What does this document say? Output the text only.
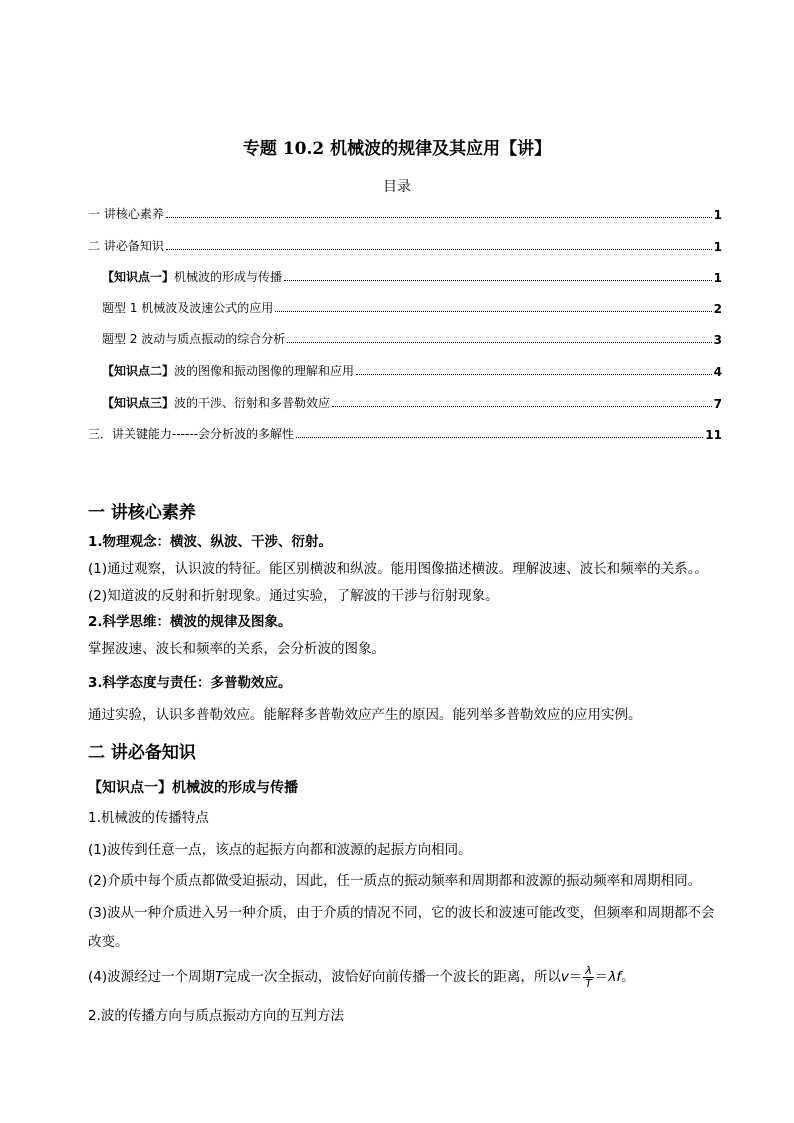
专题 10.2 机械波的规律及其应用【讲】
目录
一 讲核心素养	1
二 讲必备知识	1
【知识点一】机械波的形成与传播	1
题型 1 机械波及波速公式的应用	2
题型 2 波动与质点振动的综合分析	3
【知识点二】波的图像和振动图像的理解和应用	4
【知识点三】波的干涉、衍射和多普勒效应	7
三．讲关键能力------会分析波的多解性	11
一 讲核心素养
1.物理观念：横波、纵波、干涉、衍射。
(1)通过观察，认识波的特征。能区别横波和纵波。能用图像描述横波。理解波速、波长和频率的关系。。
(2)知道波的反射和折射现象。通过实验，了解波的干涉与衍射现象。
2.科学思维：横波的规律及图象。
掌握波速、波长和频率的关系，会分析波的图象。
3.科学态度与责任：多普勒效应。
通过实验，认识多普勒效应。能解释多普勒效应产生的原因。能列举多普勒效应的应用实例。
二 讲必备知识
【知识点一】机械波的形成与传播
1.机械波的传播特点
(1)波传到任意一点，该点的起振方向都和波源的起振方向相同。
(2)介质中每个质点都做受迫振动，因此，任一质点的振动频率和周期都和波源的振动频率和周期相同。
(3)波从一种介质进入另一种介质，由于介质的情况不同，它的波长和波速可能改变，但频率和周期都不会
改变。
(4)波源经过一个周期T完成一次全振动，波恰好向前传播一个波长的距离，所以$v= \frac{\lambda}{T} =\lambda f$。
2.波的传播方向与质点振动方向的互判方法
